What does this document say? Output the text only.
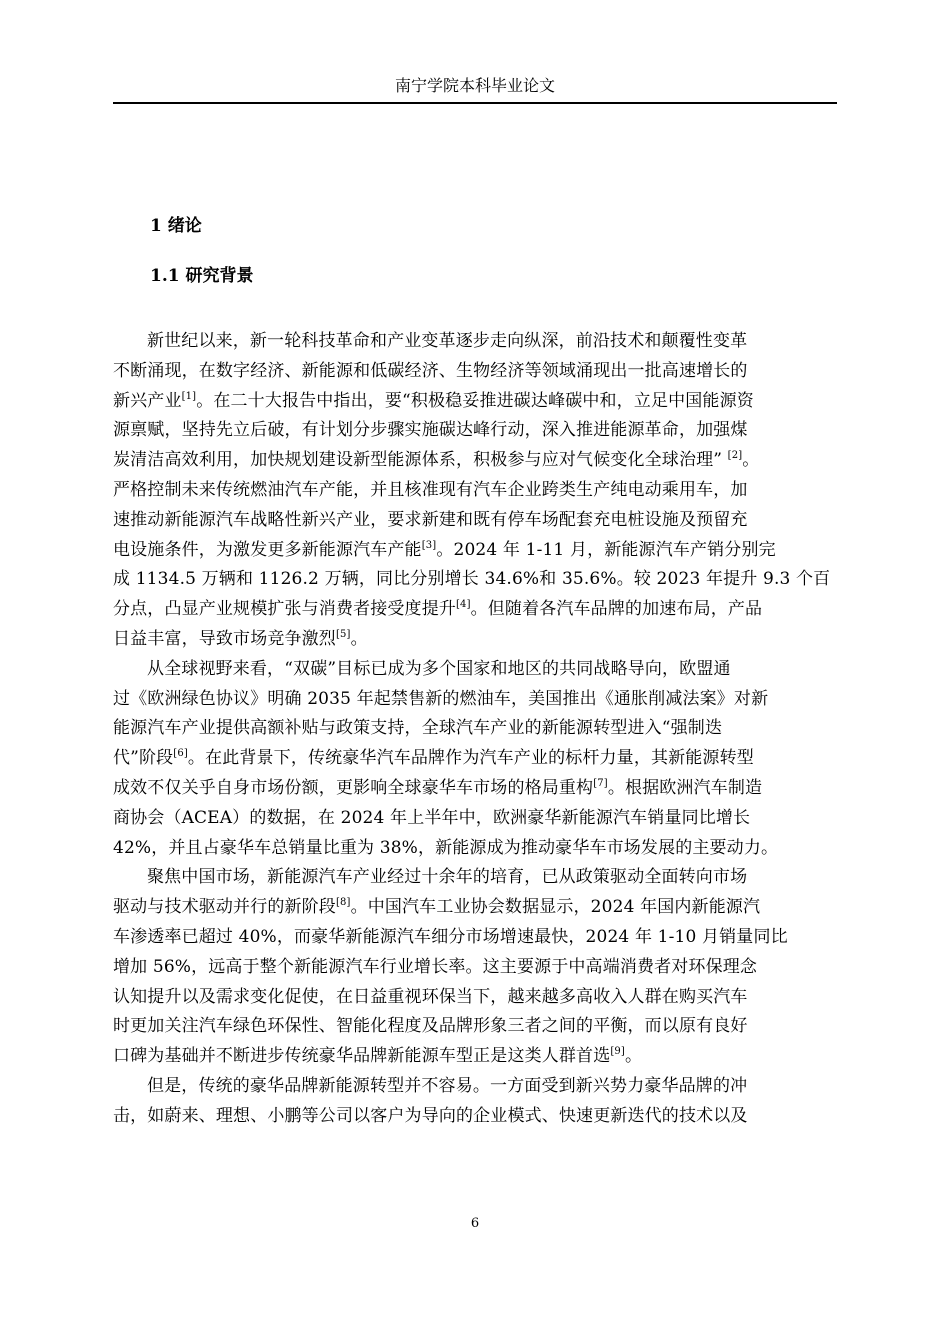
南宁学院本科毕业论文
1 绪论
1.1 研究背景

新世纪以来，新一轮科技革命和产业变革逐步走向纵深，前沿技术和颠覆性变革
不断涌现，在数字经济、新能源和低碳经济、生物经济等领域涌现出一批高速增长的
新兴产业[1]。在二十大报告中指出，要“积极稳妥推进碳达峰碳中和，立足中国能源资
源禀赋，坚持先立后破，有计划分步骤实施碳达峰行动，深入推进能源革命，加强煤
炭清洁高效利用，加快规划建设新型能源体系，积极参与应对气候变化全球治理” [2]。
严格控制未来传统燃油汽车产能，并且核准现有汽车企业跨类生产纯电动乘用车，加
速推动新能源汽车战略性新兴产业，要求新建和既有停车场配套充电桩设施及预留充
电设施条件，为激发更多新能源汽车产能[3]。2024 年 1-11 月，新能源汽车产销分别完
成 1134.5 万辆和 1126.2 万辆，同比分别增长 34.6%和 35.6%。较 2023 年提升 9.3 个百
分点，凸显产业规模扩张与消费者接受度提升[4]。但随着各汽车品牌的加速布局，产品
日益丰富，导致市场竞争激烈[5]。

从全球视野来看，“双碳”目标已成为多个国家和地区的共同战略导向，欧盟通
过《欧洲绿色协议》明确 2035 年起禁售新的燃油车，美国推出《通胀削减法案》对新
能源汽车产业提供高额补贴与政策支持，全球汽车产业的新能源转型进入“强制迭
代”阶段[6]。在此背景下，传统豪华汽车品牌作为汽车产业的标杆力量，其新能源转型
成效不仅关乎自身市场份额，更影响全球豪华车市场的格局重构[7]。根据欧洲汽车制造
商协会（ACEA）的数据，在 2024 年上半年中，欧洲豪华新能源汽车销量同比增长
42%，并且占豪华车总销量比重为 38%，新能源成为推动豪华车市场发展的主要动力。

聚焦中国市场，新能源汽车产业经过十余年的培育，已从政策驱动全面转向市场
驱动与技术驱动并行的新阶段[8]。中国汽车工业协会数据显示，2024 年国内新能源汽
车渗透率已超过 40%，而豪华新能源汽车细分市场增速最快，2024 年 1-10 月销量同比
增加 56%，远高于整个新能源汽车行业增长率。这主要源于中高端消费者对环保理念
认知提升以及需求变化促使，在日益重视环保当下，越来越多高收入人群在购买汽车
时更加关注汽车绿色环保性、智能化程度及品牌形象三者之间的平衡，而以原有良好
口碑为基础并不断进步传统豪华品牌新能源车型正是这类人群首选[9]。

但是，传统的豪华品牌新能源转型并不容易。一方面受到新兴势力豪华品牌的冲
击，如蔚来、理想、小鹏等公司以客户为导向的企业模式、快速更新迭代的技术以及

6
